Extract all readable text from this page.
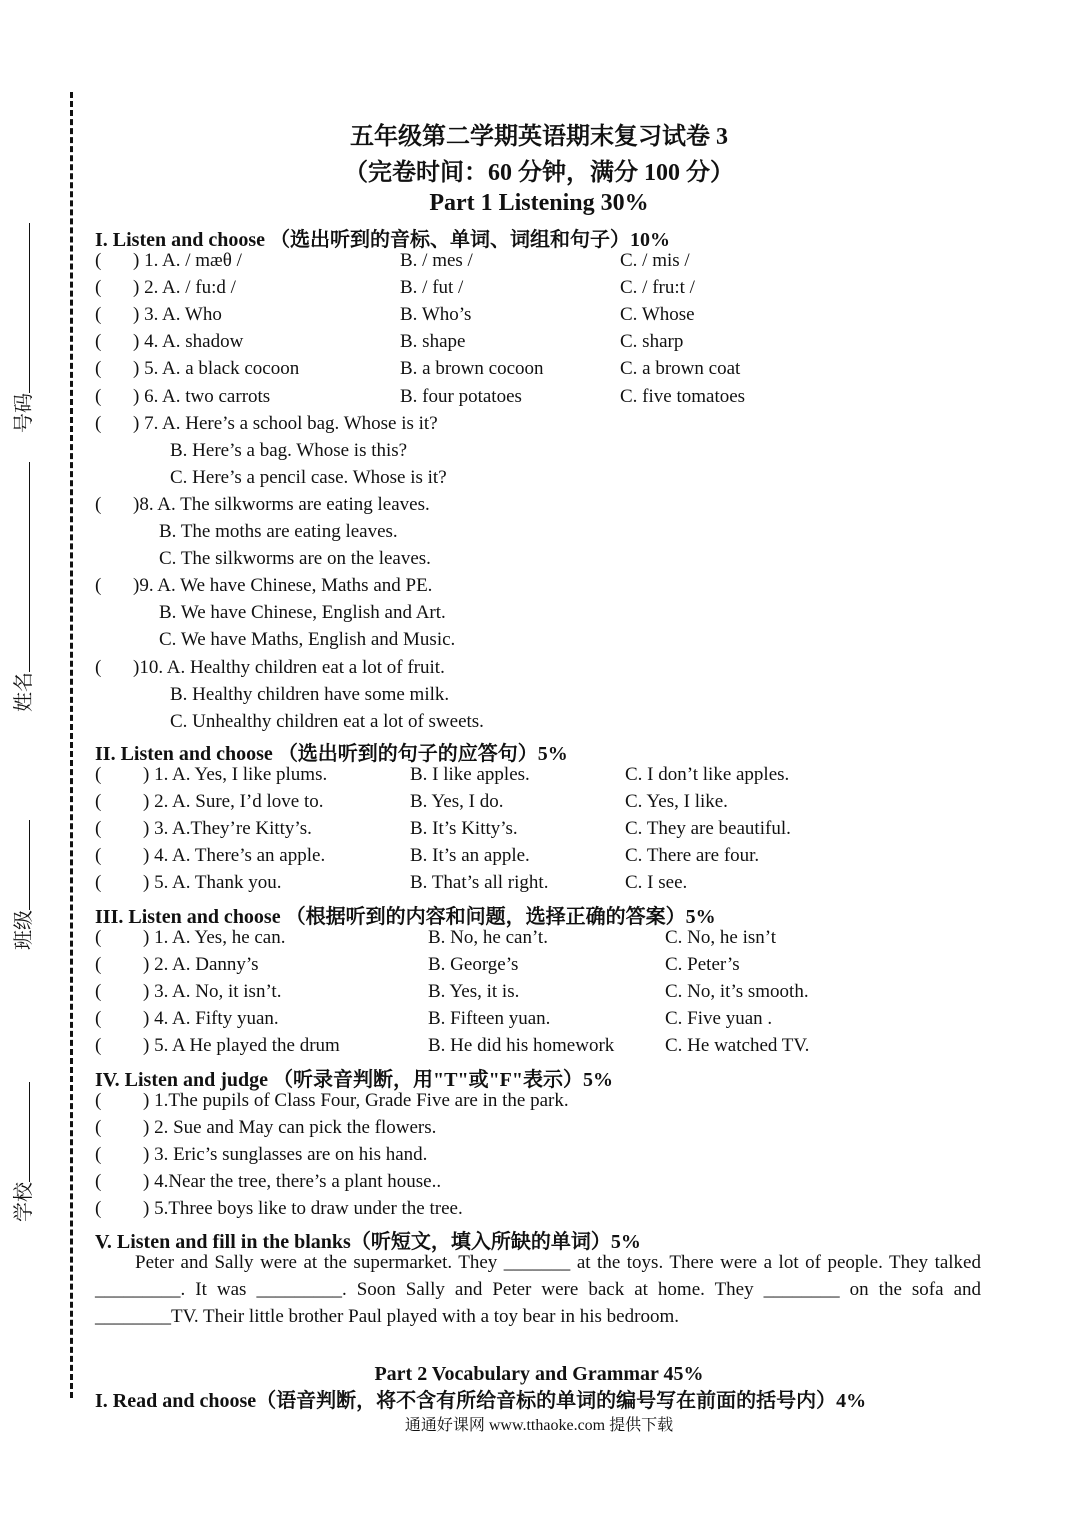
学校
班级
姓名
号码
五年级第二学期英语期末复习试卷 3
（完卷时间：60 分钟，满分 100 分）
Part 1 Listening 30%
I. Listen and choose （选出听到的音标、单词、词组和句子）10%
( ) 1. A. / mæθ /	B. / mes /	C. / mis /
( ) 2. A. / fu:d /	B. / fut /	C. / fru:t /
( ) 3. A. Who	B. Who’s	C. Whose
( ) 4. A. shadow	B. shape	C. sharp
( ) 5. A. a black cocoon	B. a brown cocoon	C. a brown coat
( ) 6. A. two carrots	B. four potatoes	C. five tomatoes
( ) 7. A. Here’s a school bag. Whose is it?
B. Here’s a bag. Whose is this?
C. Here’s a pencil case. Whose is it?
( )8. A. The silkworms are eating leaves.
B. The moths are eating leaves.
C. The silkworms are on the leaves.
( )9. A. We have Chinese, Maths and PE.
B. We have Chinese, English and Art.
C. We have Maths, English and Music.
( )10. A. Healthy children eat a lot of fruit.
B. Healthy children have some milk.
C. Unhealthy children eat a lot of sweets.
II. Listen and choose （选出听到的句子的应答句）5%
( ) 1. A. Yes, I like plums.	B. I like apples.	C. I don’t like apples.
( ) 2. A. Sure, I’d love to.	B. Yes, I do.	C. Yes, I like.
( ) 3. A.They’re Kitty’s.	B. It’s Kitty’s.	C. They are beautiful.
( ) 4. A. There’s an apple.	B. It’s an apple.	C. There are four.
( ) 5. A. Thank you.	B. That’s all right.	C. I see.
III. Listen and choose （根据听到的内容和问题，选择正确的答案）5%
( ) 1. A. Yes, he can.	B. No, he can’t.	C. No, he isn’t
( ) 2. A. Danny’s	B. George’s	C. Peter’s
( ) 3. A. No, it isn’t.	B. Yes, it is.	C. No, it’s smooth.
( ) 4. A. Fifty yuan.	B. Fifteen yuan.	C. Five yuan .
( ) 5. A He played the drum	B. He did his homework	C. He watched TV.
IV. Listen and judge （听录音判断，用"T"或"F"表示）5%
( ) 1.The pupils of Class Four, Grade Five are in the park.
( ) 2. Sue and May can pick the flowers.
( ) 3. Eric’s sunglasses are on his hand.
( ) 4.Near the tree, there’s a plant house..
( ) 5.Three boys like to draw under the tree.
V. Listen and fill in the blanks（听短文，填入所缺的单词）5%
Peter and Sally were at the supermarket. They _______ at the toys. There were a lot of people. They talked _________. It was _________. Soon Sally and Peter were back at home. They ________ on the sofa and ________TV. Their little brother Paul played with a toy bear in his bedroom.
Part 2 Vocabulary and Grammar 45%
I. Read and choose（语音判断，将不含有所给音标的单词的编号写在前面的括号内）4%
通通好课网 www.tthaoke.com 提供下载
